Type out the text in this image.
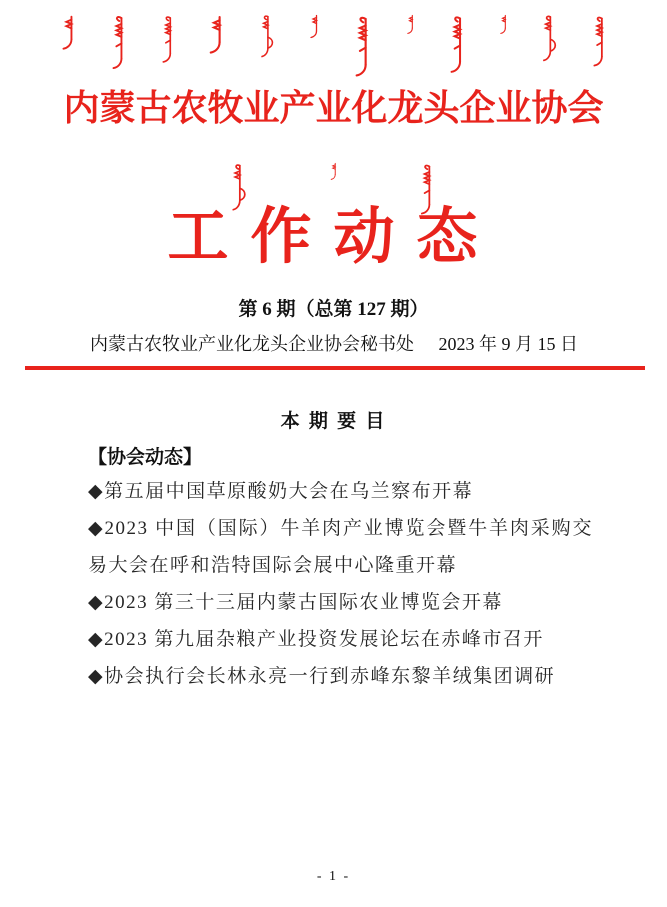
内蒙古农牧业产业化龙头企业协会
工作动态
第 6 期（总第 127 期）
内蒙古农牧业产业化龙头企业协会秘书处 2023 年 9 月 15 日
本 期 要 目
【协会动态】
◆第五届中国草原酸奶大会在乌兰察布开幕
◆2023 中国（国际）牛羊肉产业博览会暨牛羊肉采购交易大会在呼和浩特国际会展中心隆重开幕
◆2023 第三十三届内蒙古国际农业博览会开幕
◆2023 第九届杂粮产业投资发展论坛在赤峰市召开
◆协会执行会长林永亮一行到赤峰东黎羊绒集团调研
- 1 -
